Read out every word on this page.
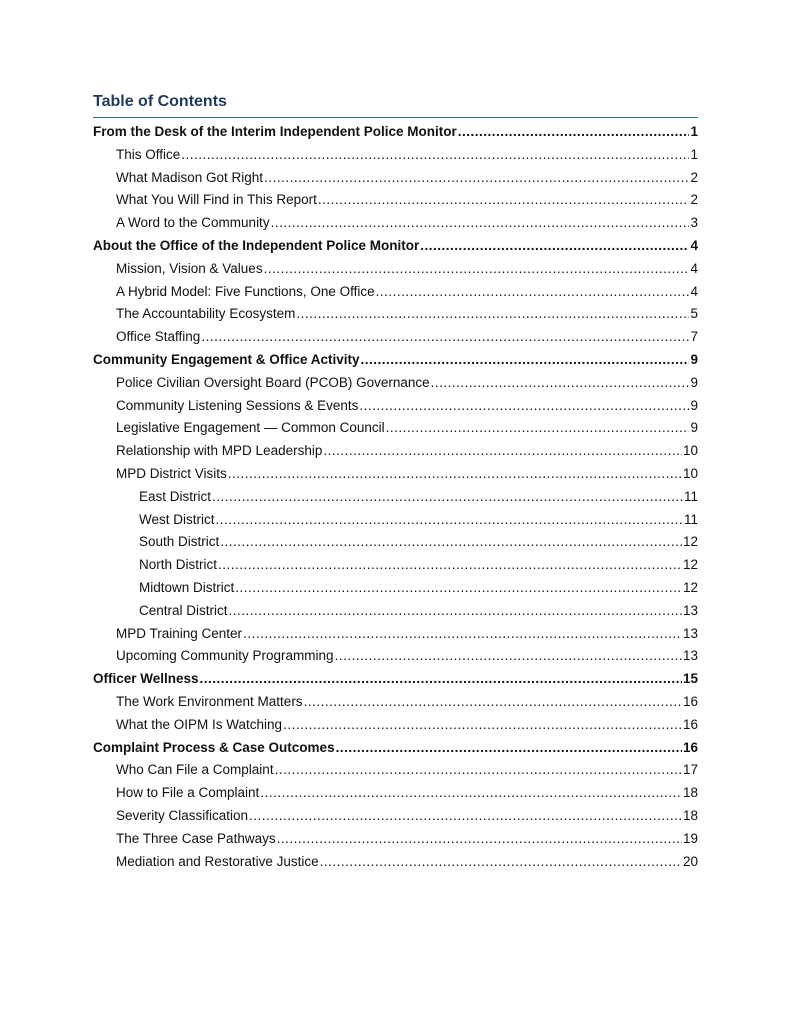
Table of Contents
From the Desk of the Interim Independent Police Monitor .....	1
This Office .....	1
What Madison Got Right .....	2
What You Will Find in This Report .....	2
A Word to the Community .....	3
About the Office of the Independent Police Monitor .....	4
Mission, Vision & Values .....	4
A Hybrid Model: Five Functions, One Office .....	4
The Accountability Ecosystem .....	5
Office Staffing .....	7
Community Engagement & Office Activity .....	9
Police Civilian Oversight Board (PCOB) Governance .....	9
Community Listening Sessions & Events .....	9
Legislative Engagement — Common Council .....	9
Relationship with MPD Leadership .....	10
MPD District Visits .....	10
East District .....	11
West District .....	11
South District .....	12
North District .....	12
Midtown District .....	12
Central District .....	13
MPD Training Center .....	13
Upcoming Community Programming .....	13
Officer Wellness .....	15
The Work Environment Matters .....	16
What the OIPM Is Watching .....	16
Complaint Process & Case Outcomes .....	16
Who Can File a Complaint .....	17
How to File a Complaint .....	18
Severity Classification .....	18
The Three Case Pathways .....	19
Mediation and Restorative Justice .....	20
